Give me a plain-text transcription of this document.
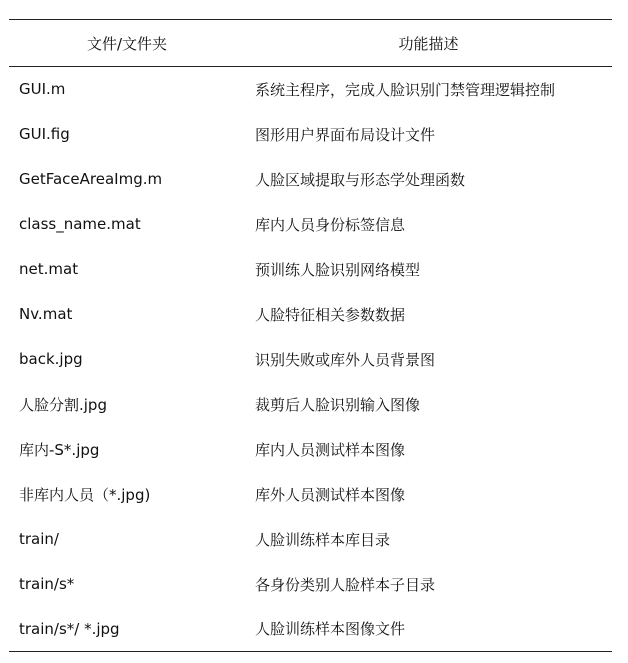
文件/文件夹	功能描述
GUI.m	系统主程序，完成人脸识别门禁管理逻辑控制
GUI.fig	图形用户界面布局设计文件
GetFaceAreaImg.m	人脸区域提取与形态学处理函数
class_name.mat	库内人员身份标签信息
net.mat	预训练人脸识别网络模型
Nv.mat	人脸特征相关参数数据
back.jpg	识别失败或库外人员背景图
人脸分割.jpg	裁剪后人脸识别输入图像
库内-S*.jpg	库内人员测试样本图像
非库内人员（*.jpg)	库外人员测试样本图像
train/	人脸训练样本库目录
train/s*	各身份类别人脸样本子目录
train/s*/ *.jpg	人脸训练样本图像文件
